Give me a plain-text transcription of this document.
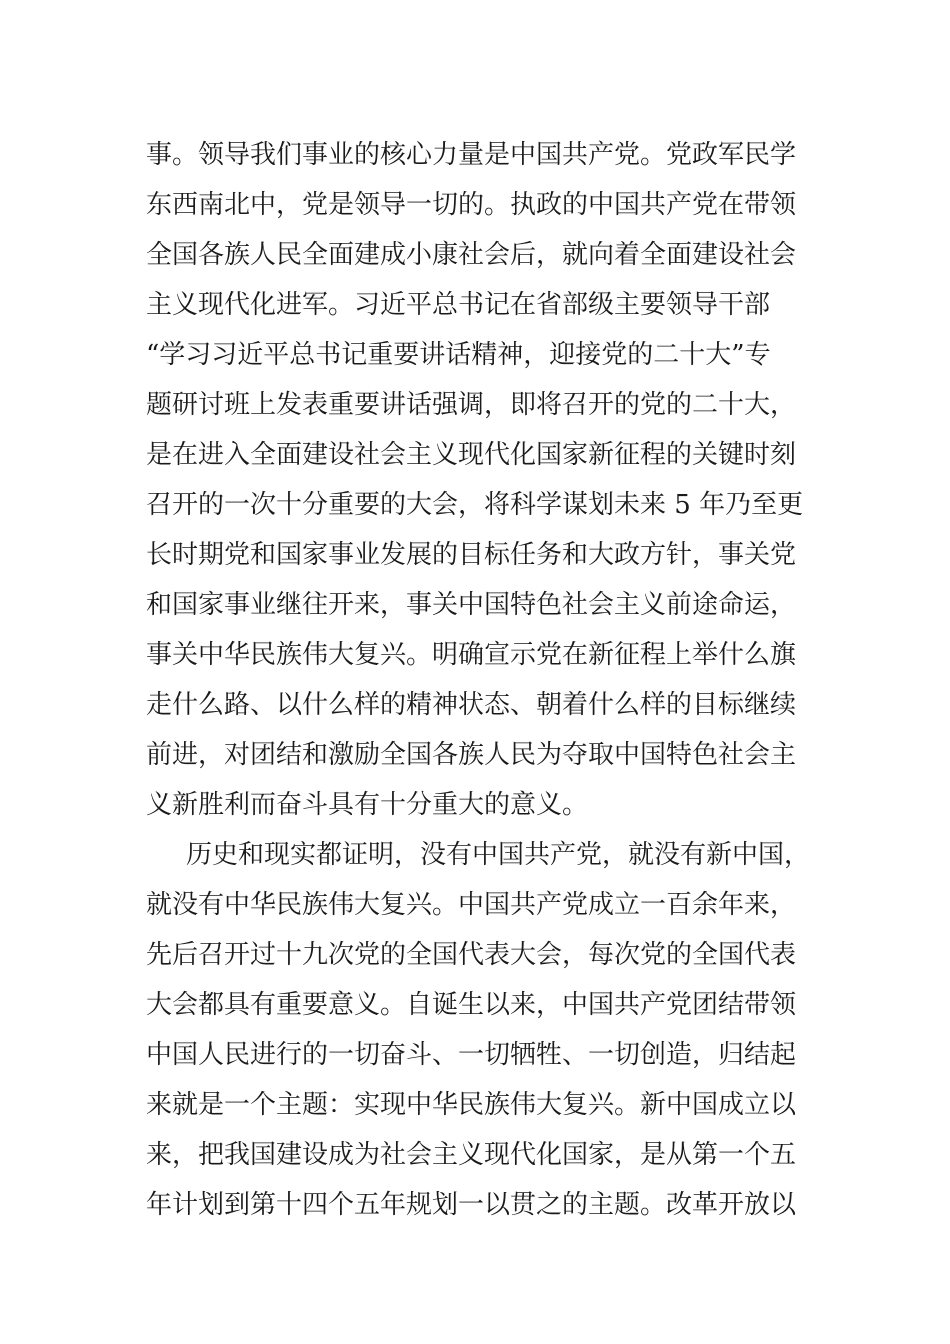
事。领导我们事业的核心力量是中国共产党。党政军民学
东西南北中，党是领导一切的。执政的中国共产党在带领
全国各族人民全面建成小康社会后，就向着全面建设社会
主义现代化进军。习近平总书记在省部级主要领导干部
“学习习近平总书记重要讲话精神，迎接党的二十大”专
题研讨班上发表重要讲话强调，即将召开的党的二十大，
是在进入全面建设社会主义现代化国家新征程的关键时刻
召开的一次十分重要的大会，将科学谋划未来 5 年乃至更
长时期党和国家事业发展的目标任务和大政方针，事关党
和国家事业继往开来，事关中国特色社会主义前途命运，
事关中华民族伟大复兴。明确宣示党在新征程上举什么旗
走什么路、以什么样的精神状态、朝着什么样的目标继续
前进，对团结和激励全国各族人民为夺取中国特色社会主
义新胜利而奋斗具有十分重大的意义。
历史和现实都证明，没有中国共产党，就没有新中国，
就没有中华民族伟大复兴。中国共产党成立一百余年来，
先后召开过十九次党的全国代表大会，每次党的全国代表
大会都具有重要意义。自诞生以来，中国共产党团结带领
中国人民进行的一切奋斗、一切牺牲、一切创造，归结起
来就是一个主题：实现中华民族伟大复兴。新中国成立以
来，把我国建设成为社会主义现代化国家，是从第一个五
年计划到第十四个五年规划一以贯之的主题。改革开放以
